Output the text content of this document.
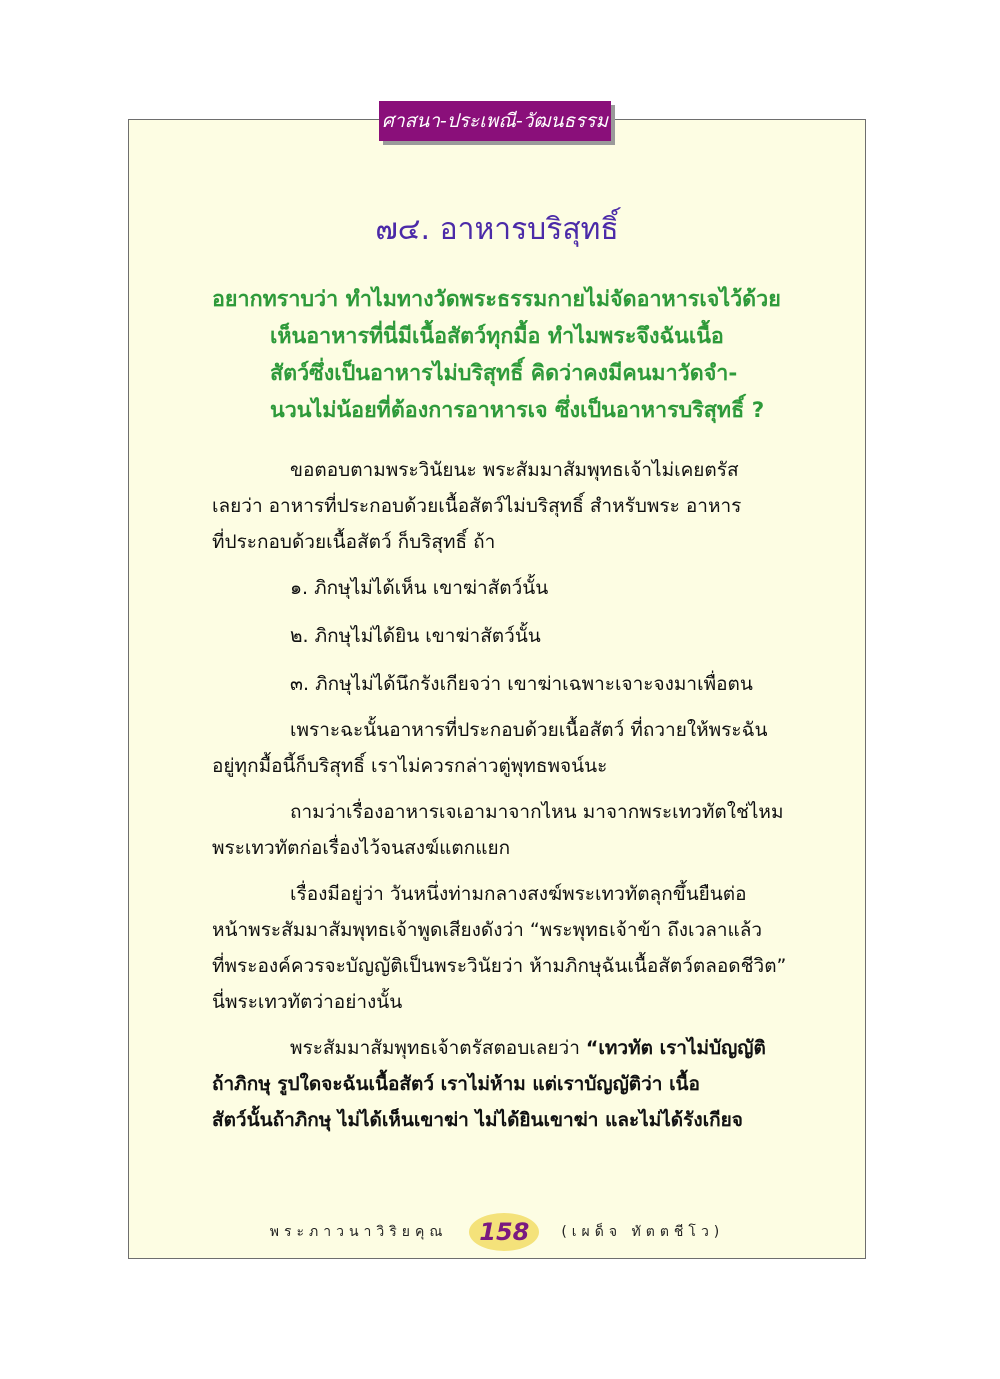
ศาสนา-ประเพณี-วัฒนธรรม
๗๔. อาหารบริสุทธิ์
อยากทราบว่า ทำไมทางวัดพระธรรมกายไม่จัดอาหารเจไว้ด้วย
เห็นอาหารที่นี่มีเนื้อสัตว์ทุกมื้อ ทำไมพระจึงฉันเนื้อ
สัตว์ซึ่งเป็นอาหารไม่บริสุทธิ์ คิดว่าคงมีคนมาวัดจำ-
นวนไม่น้อยที่ต้องการอาหารเจ ซึ่งเป็นอาหารบริสุทธิ์ ?

ขอตอบตามพระวินัยนะ พระสัมมาสัมพุทธเจ้าไม่เคยตรัส

เลยว่า อาหารที่ประกอบด้วยเนื้อสัตว์ไม่บริสุทธิ์ สำหรับพระ อาหาร

ที่ประกอบด้วยเนื้อสัตว์ ก็บริสุทธิ์ ถ้า

๑. ภิกษุไม่ได้เห็น เขาฆ่าสัตว์นั้น

๒. ภิกษุไม่ได้ยิน เขาฆ่าสัตว์นั้น

๓. ภิกษุไม่ได้นึกรังเกียจว่า เขาฆ่าเฉพาะเจาะจงมาเพื่อตน

เพราะฉะนั้นอาหารที่ประกอบด้วยเนื้อสัตว์ ที่ถวายให้พระฉัน

อยู่ทุกมื้อนี้ก็บริสุทธิ์ เราไม่ควรกล่าวตู่พุทธพจน์นะ

ถามว่าเรื่องอาหารเจเอามาจากไหน มาจากพระเทวทัตใช่ไหม

พระเทวทัตก่อเรื่องไว้จนสงฆ์แตกแยก

เรื่องมีอยู่ว่า วันหนึ่งท่ามกลางสงฆ์พระเทวทัตลุกขึ้นยืนต่อ

หน้าพระสัมมาสัมพุทธเจ้าพูดเสียงดังว่า “พระพุทธเจ้าข้า ถึงเวลาแล้ว

ที่พระองค์ควรจะบัญญัติเป็นพระวินัยว่า ห้ามภิกษุฉันเนื้อสัตว์ตลอดชีวิต”

นี่พระเทวทัตว่าอย่างนั้น

พระสัมมาสัมพุทธเจ้าตรัสตอบเลยว่า “เทวทัต เราไม่บัญญัติ

ถ้าภิกษุ รูปใดจะฉันเนื้อสัตว์ เราไม่ห้าม แต่เราบัญญัติว่า เนื้อ

สัตว์นั้นถ้าภิกษุ ไม่ได้เห็นเขาฆ่า ไม่ได้ยินเขาฆ่า และไม่ได้รังเกียจ

พระภาวนาวิริยคุณ	158	(เผด็จ ทัตตชีโว)
